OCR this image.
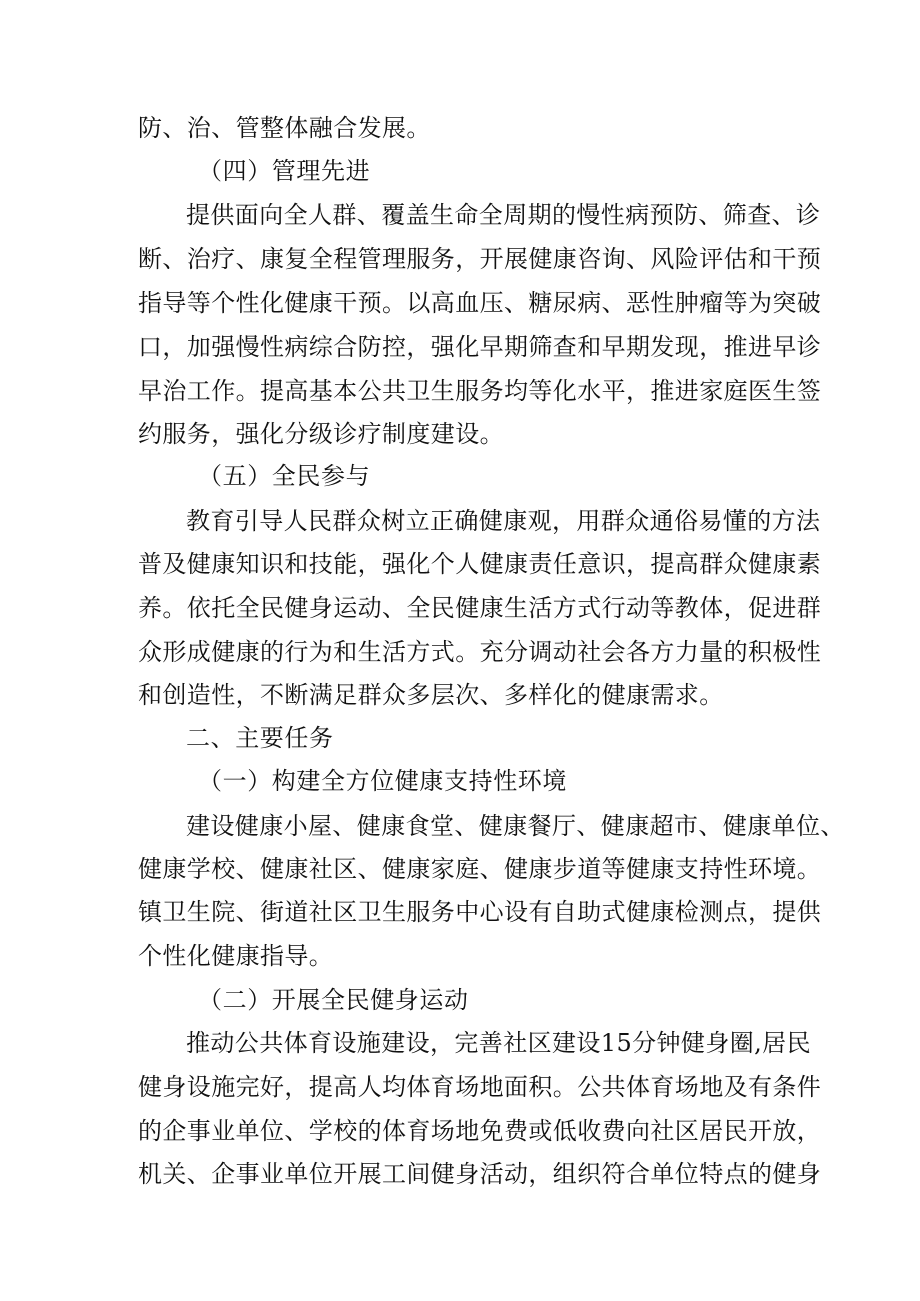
防、治、管整体融合发展。
（四）管理先进
提供面向全人群、覆盖生命全周期的慢性病预防、筛查、诊
断、治疗、康复全程管理服务，开展健康咨询、风险评估和干预
指导等个性化健康干预。以高血压、糖尿病、恶性肿瘤等为突破
口，加强慢性病综合防控，强化早期筛查和早期发现，推进早诊
早治工作。提高基本公共卫生服务均等化水平，推进家庭医生签
约服务，强化分级诊疗制度建设。
（五）全民参与
教育引导人民群众树立正确健康观，用群众通俗易懂的方法
普及健康知识和技能，强化个人健康责任意识，提高群众健康素
养。依托全民健身运动、全民健康生活方式行动等教体，促进群
众形成健康的行为和生活方式。充分调动社会各方力量的积极性
和创造性，不断满足群众多层次、多样化的健康需求。
二、主要任务
（一）构建全方位健康支持性环境
建设健康小屋、健康食堂、健康餐厅、健康超市、健康单位、
健康学校、健康社区、健康家庭、健康步道等健康支持性环境。
镇卫生院、街道社区卫生服务中心设有自助式健康检测点，提供
个性化健康指导。
（二）开展全民健身运动
推动公共体育设施建设，完善社区建设15分钟健身圈,居民
健身设施完好，提高人均体育场地面积。公共体育场地及有条件
的企事业单位、学校的体育场地免费或低收费向社区居民开放，
机关、企事业单位开展工间健身活动，组织符合单位特点的健身
